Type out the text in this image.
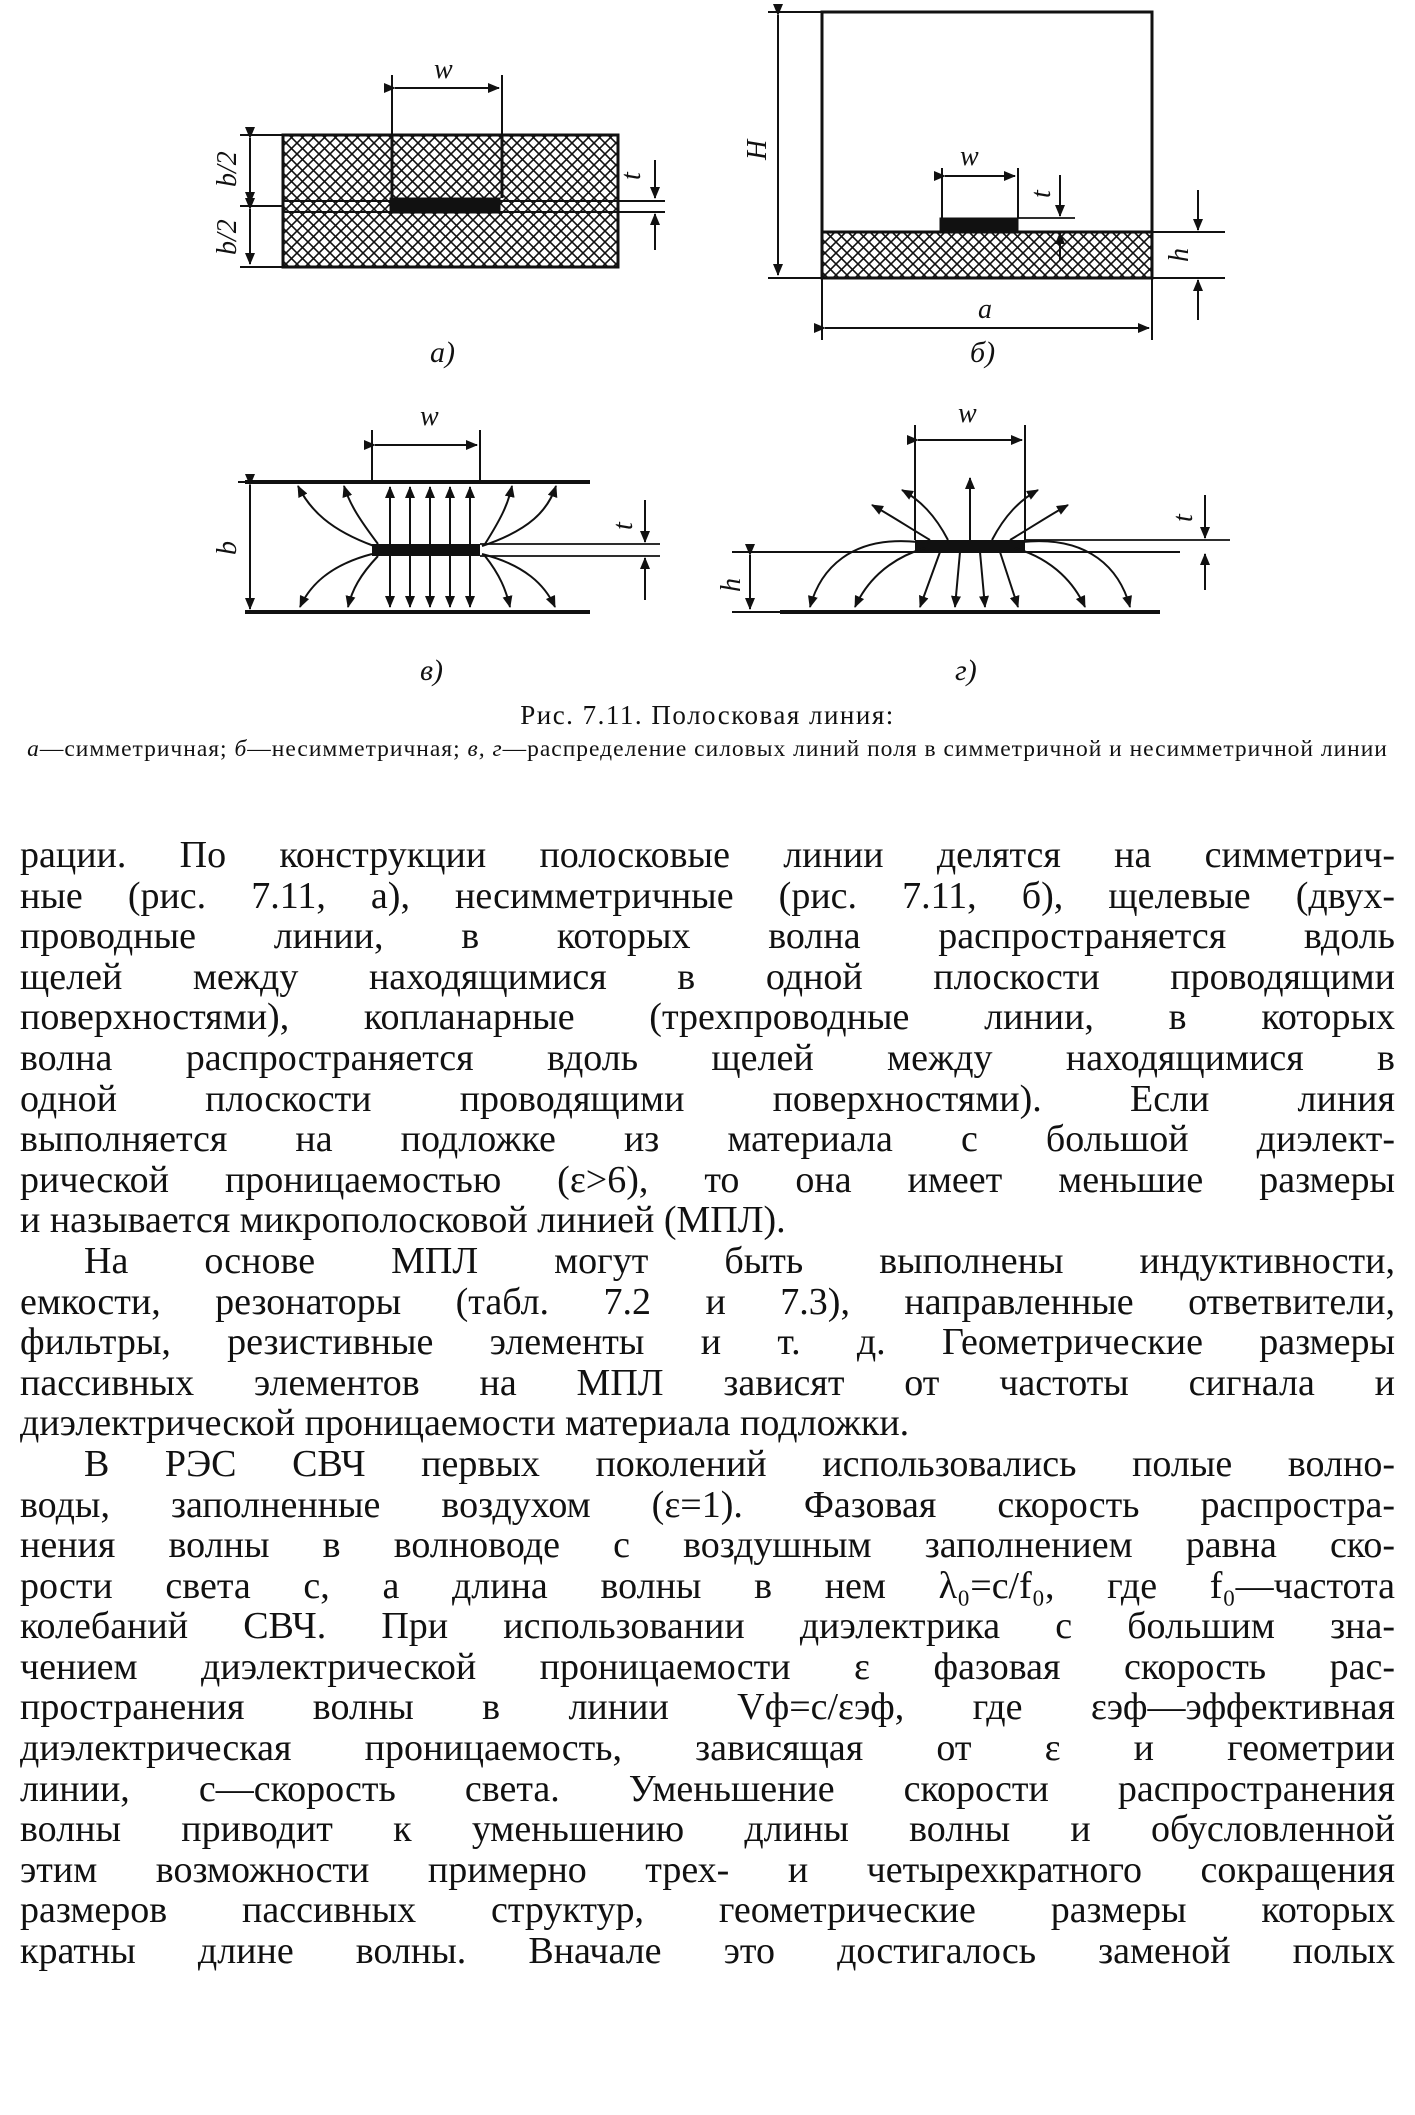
w
b/2
b/2
t
а)
w
t
H
h
a
б)
w
b
t
в)
w
h
t
г)
Рис. 7.11. Полосковая линия:
а—симметричная; б—несимметричная; в, г—распределение силовых линий поля в симметричной и несимметричной линии

рации. По конструкции полосковые линии делятся на симметрич-

ные (рис. 7.11, а), несимметричные (рис. 7.11, б), щелевые (двух-

проводные линии, в которых волна распространяется вдоль

щелей между находящимися в одной плоскости проводящими

поверхностями), копланарные (трехпроводные линии, в которых

волна распространяется вдоль щелей между находящимися в

одной плоскости проводящими поверхностями). Если линия

выполняется на подложке из материала с большой диэлект-

рической проницаемостью (ε>6), то она имеет меньшие размеры

и называется микрополосковой линией (МПЛ).

На основе МПЛ могут быть выполнены индуктивности,

емкости, резонаторы (табл. 7.2 и 7.3), направленные ответвители,

фильтры, резистивные элементы и т. д. Геометрические размеры

пассивных элементов на МПЛ зависят от частоты сигнала и

диэлектрической проницаемости материала подложки.

В РЭС СВЧ первых поколений использовались полые волно-

воды, заполненные воздухом (ε=1). Фазовая скорость распростра-

нения волны в волноводе с воздушным заполнением равна ско-

рости света c, а длина волны в нем λ₀=c/f₀, где f₀—частота

колебаний СВЧ. При использовании диэлектрика с большим зна-

чением диэлектрической проницаемости ε фазовая скорость рас-

пространения волны в линии Vф=c/εэф, где εэф—эффективная

диэлектрическая проницаемость, зависящая от ε и геометрии

линии, c—скорость света. Уменьшение скорости распространения

волны приводит к уменьшению длины волны и обусловленной

этим возможности примерно трех- и четырехкратного сокращения

размеров пассивных структур, геометрические размеры которых

кратны длине волны. Вначале это достигалось заменой полых
